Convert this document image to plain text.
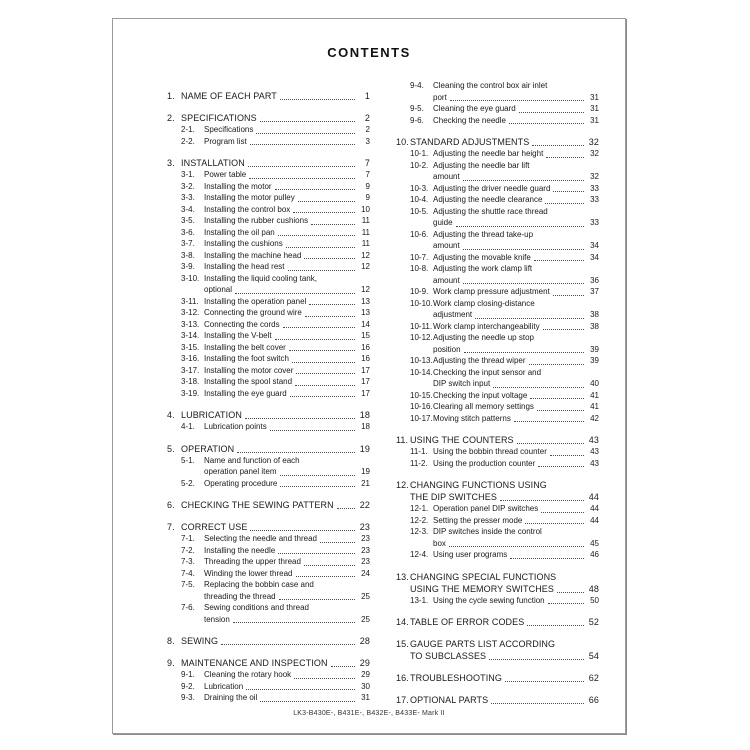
CONTENTS
1. NAME OF EACH PART	1
2. SPECIFICATIONS	2
2-1.	Specifications	2
2-2.	Program list	3
3. INSTALLATION	7
3-1.	Power table	7
3-2.	Installing the motor	9
3-3.	Installing the motor pulley	9
3-4.	Installing the control box	10
3-5.	Installing the rubber cushions	11
3-6.	Installing the oil pan	11
3-7.	Installing the cushions	11
3-8.	Installing the machine head	12
3-9.	Installing the head rest	12
3-10. Installing the liquid cooling tank,
optional	12
3-11. Installing the operation panel	13
3-12. Connecting the ground wire	13
3-13. Connecting the cords	14
3-14. Installing the V-belt	15
3-15. Installing the belt cover	16
3-16. Installing the foot switch	16
3-17. Installing the motor cover	17
3-18. Installing the spool stand	17
3-19. Installing the eye guard	17
4. LUBRICATION	18
4-1.	Lubrication points	18
5. OPERATION	19
5-1.	Name and function of each
operation panel item	19
5-2.	Operating procedure	21
6. CHECKING THE SEWING PATTERN	22
7. CORRECT USE	23
7-1.	Selecting the needle and thread	23
7-2.	Installing the needle	23
7-3.	Threading the upper thread	23
7-4.	Winding the lower thread	24
7-5.	Replacing the bobbin case and
threading the thread	25
7-6.	Sewing conditions and thread
tension	25
8. SEWING	28
9. MAINTENANCE AND INSPECTION	29
9-1.	Cleaning the rotary hook	29
9-2.	Lubrication	30
9-3.	Draining the oil	31
9-4.	Cleaning the control box air inlet
port	31
9-5.	Cleaning the eye guard	31
9-6.	Checking the needle	31
10. STANDARD ADJUSTMENTS	32
10-1. Adjusting the needle bar height	32
10-2. Adjusting the needle bar lift
amount	32
10-3. Adjusting the driver needle guard	33
10-4. Adjusting the needle clearance	33
10-5. Adjusting the shuttle race thread
guide	33
10-6. Adjusting the thread take-up
amount	34
10-7. Adjusting the movable knife	34
10-8. Adjusting the work clamp lift
amount	36
10-9. Work clamp pressure adjustment	37
10-10. Work clamp closing-distance
adjustment	38
10-11. Work clamp interchangeability	38
10-12. Adjusting the needle up stop
position	39
10-13. Adjusting the thread wiper	39
10-14. Checking the input sensor and
DIP switch input	40
10-15. Checking the input voltage	41
10-16. Clearing all memory settings	41
10-17. Moving stitch patterns	42
11. USING THE COUNTERS	43
11-1. Using the bobbin thread counter	43
11-2. Using the production counter	43
12. CHANGING FUNCTIONS USING
THE DIP SWITCHES	44
12-1. Operation panel DIP switches	44
12-2. Setting the presser mode	44
12-3. DIP switches inside the control
box	45
12-4. Using user programs	46
13. CHANGING SPECIAL FUNCTIONS
USING THE MEMORY SWITCHES	48
13-1. Using the cycle sewing function	50
14. TABLE OF ERROR CODES	52
15. GAUGE PARTS LIST ACCORDING
TO SUBCLASSES	54
16. TROUBLESHOOTING	62
17. OPTIONAL PARTS	66
LK3-B430E-, B431E-, B432E-, B433E- Mark II
